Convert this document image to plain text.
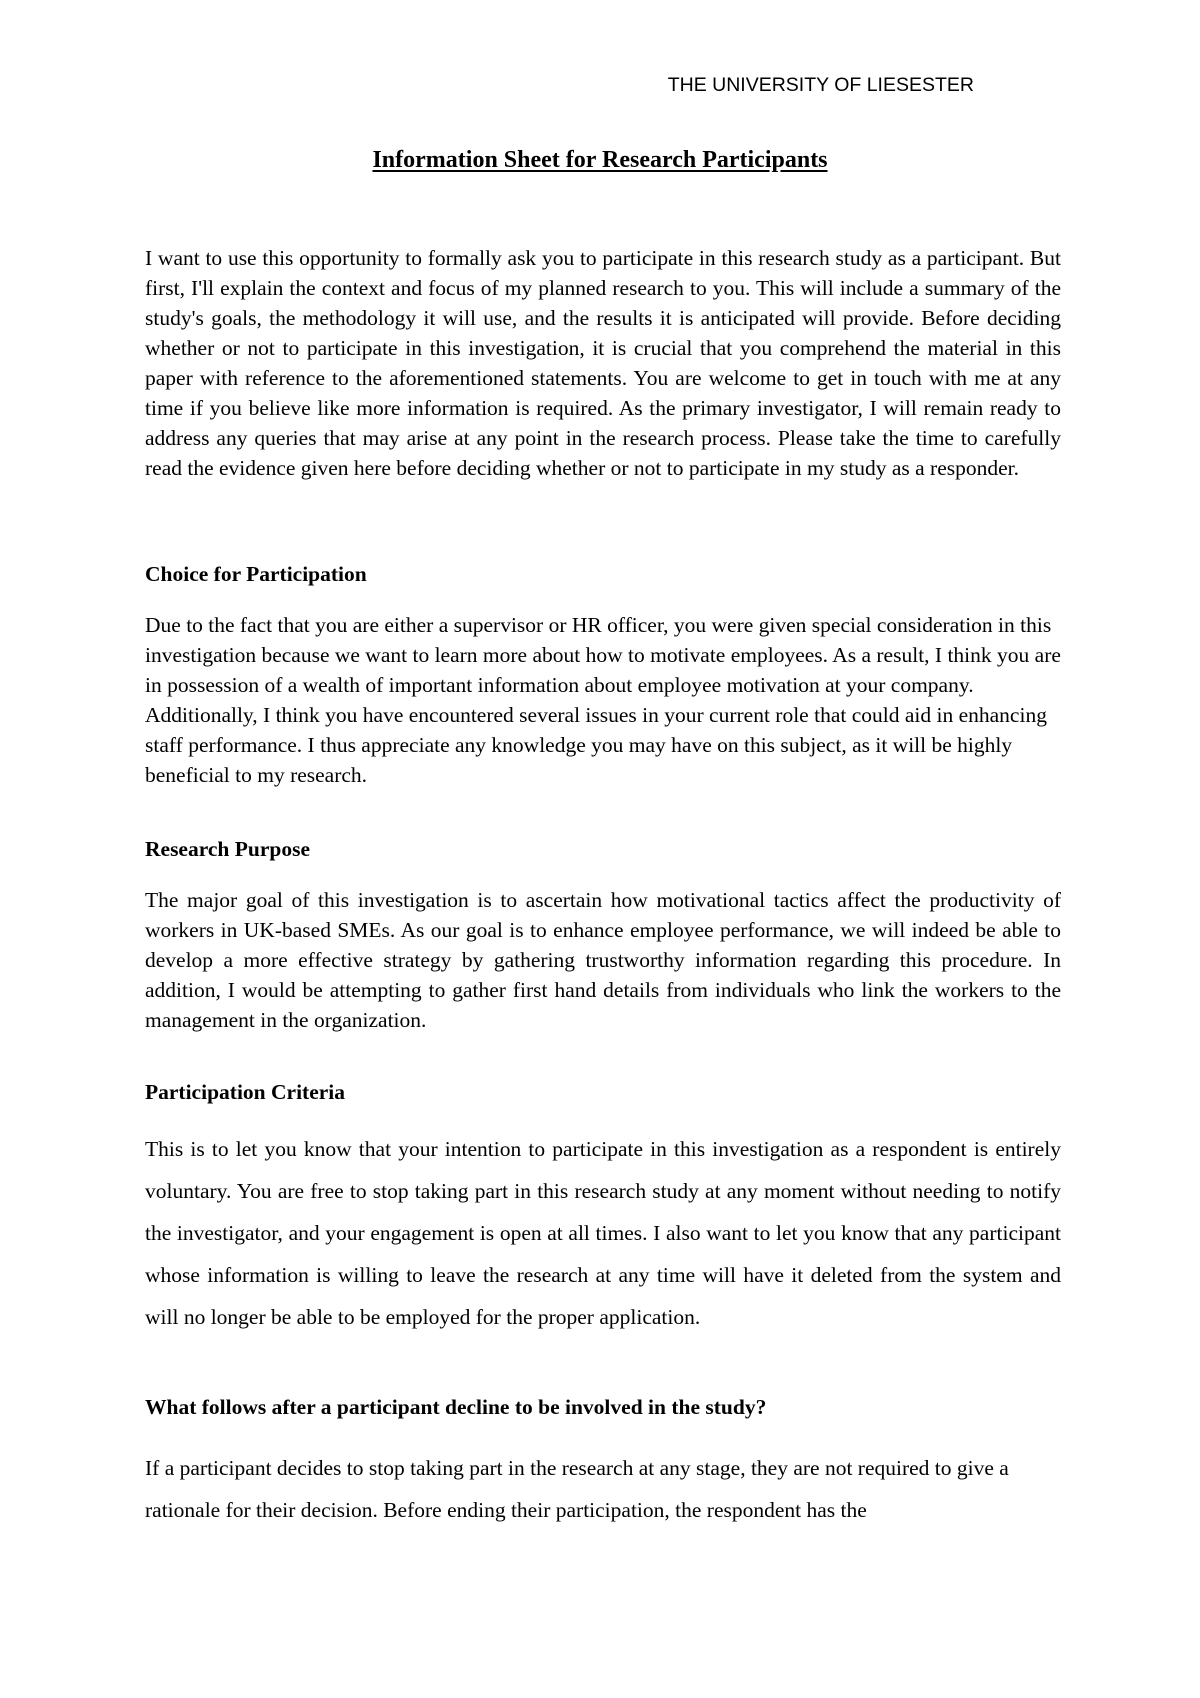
THE UNIVERSITY OF LIESESTER
Information Sheet for Research Participants

I want to use this opportunity to formally ask you to participate in this research study as a participant. But first, I'll explain the context and focus of my planned research to you. This will include a summary of the study's goals, the methodology it will use, and the results it is anticipated will provide. Before deciding whether or not to participate in this investigation, it is crucial that you comprehend the material in this paper with reference to the aforementioned statements. You are welcome to get in touch with me at any time if you believe like more information is required. As the primary investigator, I will remain ready to address any queries that may arise at any point in the research process. Please take the time to carefully read the evidence given here before deciding whether or not to participate in my study as a responder.

Choice for Participation

Due to the fact that you are either a supervisor or HR officer, you were given special consideration in this investigation because we want to learn more about how to motivate employees. As a result, I think you are in possession of a wealth of important information about employee motivation at your company. Additionally, I think you have encountered several issues in your current role that could aid in enhancing staff performance. I thus appreciate any knowledge you may have on this subject, as it will be highly beneficial to my research.

Research Purpose

The major goal of this investigation is to ascertain how motivational tactics affect the productivity of workers in UK-based SMEs. As our goal is to enhance employee performance, we will indeed be able to develop a more effective strategy by gathering trustworthy information regarding this procedure. In addition, I would be attempting to gather first hand details from individuals who link the workers to the management in the organization.

Participation Criteria

This is to let you know that your intention to participate in this investigation as a respondent is entirely voluntary. You are free to stop taking part in this research study at any moment without needing to notify the investigator, and your engagement is open at all times. I also want to let you know that any participant whose information is willing to leave the research at any time will have it deleted from the system and will no longer be able to be employed for the proper application.

What follows after a participant decline to be involved in the study?

If a participant decides to stop taking part in the research at any stage, they are not required to give a rationale for their decision. Before ending their participation, the respondent has the
